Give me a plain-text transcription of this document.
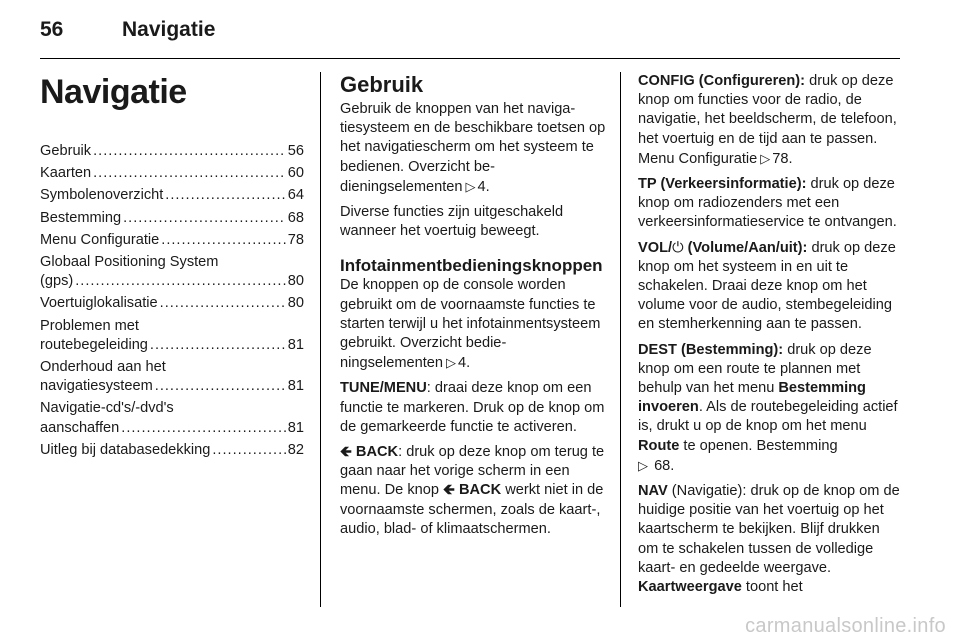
56	Navigatie
Navigatie
Gebruik .....	56
Kaarten .....	60
Symbolenoverzicht .....	64
Bestemming .....	68
Menu Configuratie .....	78
Globaal Positioning System
(gps) .....	80
Voertuiglokalisatie .....	80
Problemen met
routebegeleiding .....	81
Onderhoud aan het
navigatiesysteem .....	81
Navigatie-cd's/-dvd's
aanschaffen .....	81
Uitleg bij databasedekking .....	82
Gebruik

Gebruik de knoppen van het navigatiesysteem en de beschikbare toetsen op het navigatiescherm om het systeem te bedienen. Overzicht bedieningselementen ▷ 4.

Diverse functies zijn uitgeschakeld wanneer het voertuig beweegt.

Infotainmentbedieningsknoppen

De knoppen op de console worden gebruikt om de voornaamste functies te starten terwijl u het infotainmentsysteem gebruikt. Overzicht bedieningselementen ▷ 4.

TUNE/MENU: draai deze knop om een functie te markeren. Druk op de knop om de gemarkeerde functie te activeren.

🡸 BACK: druk op deze knop om terug te gaan naar het vorige scherm in een menu. De knop 🡸 BACK werkt niet in de voornaamste schermen, zoals de kaart-, audio, blad- of klimaatschermen.

CONFIG (Configureren): druk op deze knop om functies voor de radio, de navigatie, het beeldscherm, de telefoon, het voertuig en de tijd aan te passen. Menu Configuratie ▷ 78.

TP (Verkeersinformatie): druk op deze knop om radiozenders met een verkeersinformatieservice te ontvangen.

VOL/⏻ (Volume/Aan/uit): druk op deze knop om het systeem in en uit te schakelen. Draai deze knop om het volume voor de audio, stembegeleiding en stemherkenning aan te passen.

DEST (Bestemming): druk op deze knop om een route te plannen met behulp van het menu Bestemming invoeren. Als de routebegeleiding actief is, drukt u op de knop om het menu Route te openen. Bestemming
▷ 68.

NAV (Navigatie): druk op de knop om de huidige positie van het voertuig op het kaartscherm te bekijken. Blijf drukken om te schakelen tussen de volledige kaart- en gedeelde weergave. Kaartweergave toont het

carmanualsonline.info
